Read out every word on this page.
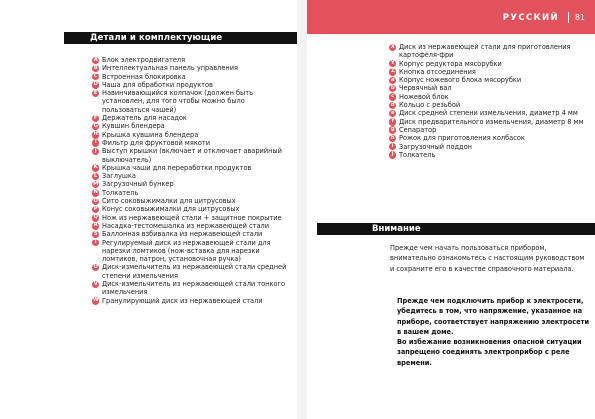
Детали и комплектующие
A Блок электродвигателя
B Интеллектуальная панель управления
C Встроенная блокировка
D Чаша для обработки продуктов
E Навинчивающийся колпачок (должен быть установлен, для того чтобы можно было пользоваться чашей)
F Держатель для насадок
G Кувшин блендера
H Крышка кувшина блендера
I Фильтр для фруктовой мякоти
J Выступ крышки (включает и отключает аварийный выключатель)
K Крышка чаши для переработки продуктов
L Заглушка
M Загрузочный бункер
N Толкатель
O Сито соковыжималки для цитрусовых
P Конус соковыжималки для цитрусовых
Q Нож из нержавеющей стали + защитное покрытие
R Насадка-тестомешалка из нержавеющей стали
S Баллонная взбивалка из нержавеющей стали
T Регулируемый диск из нержавеющей стали для нарезки ломтиков (нож-вставка для нарезки ломтиков, патрон, установочная ручка)
U Диск-измельчитель из нержавеющей стали средней степени измельчения
V Диск-измельчитель из нержавеющей стали тонкого измельчения
W Гранулирующий диск из нержавеющей стали
РУССКИЙ 81
X Диск из нержавеющей стали для приготовления картофеля-фри
Y Корпус редуктора мясорубки
Z Кнопка отсоединения
a Корпус ножевого блока мясорубки
b Червячный вал
c Ножевой блок
d Кольцо с резьбой
e Диск средней степени измельчения, диаметр 4 мм
f Диск предварительного измельчения, диаметр 8 мм
g Сепаратор
h Рожок для приготовления колбасок
i Загрузочный поддон
j Толкатель
Внимание
Прежде чем начать пользоваться прибором, внимательно ознакомьтесь с настоящим руководством и сохраните его в качестве справочного материала.

Прежде чем подключить прибор к электросети, убедитесь в том, что напряжение, указанное на приборе, соответствует напряжению электросети в вашем доме.

Во избежание возникновения опасной ситуации запрещено соединять электроприбор с реле времени.
